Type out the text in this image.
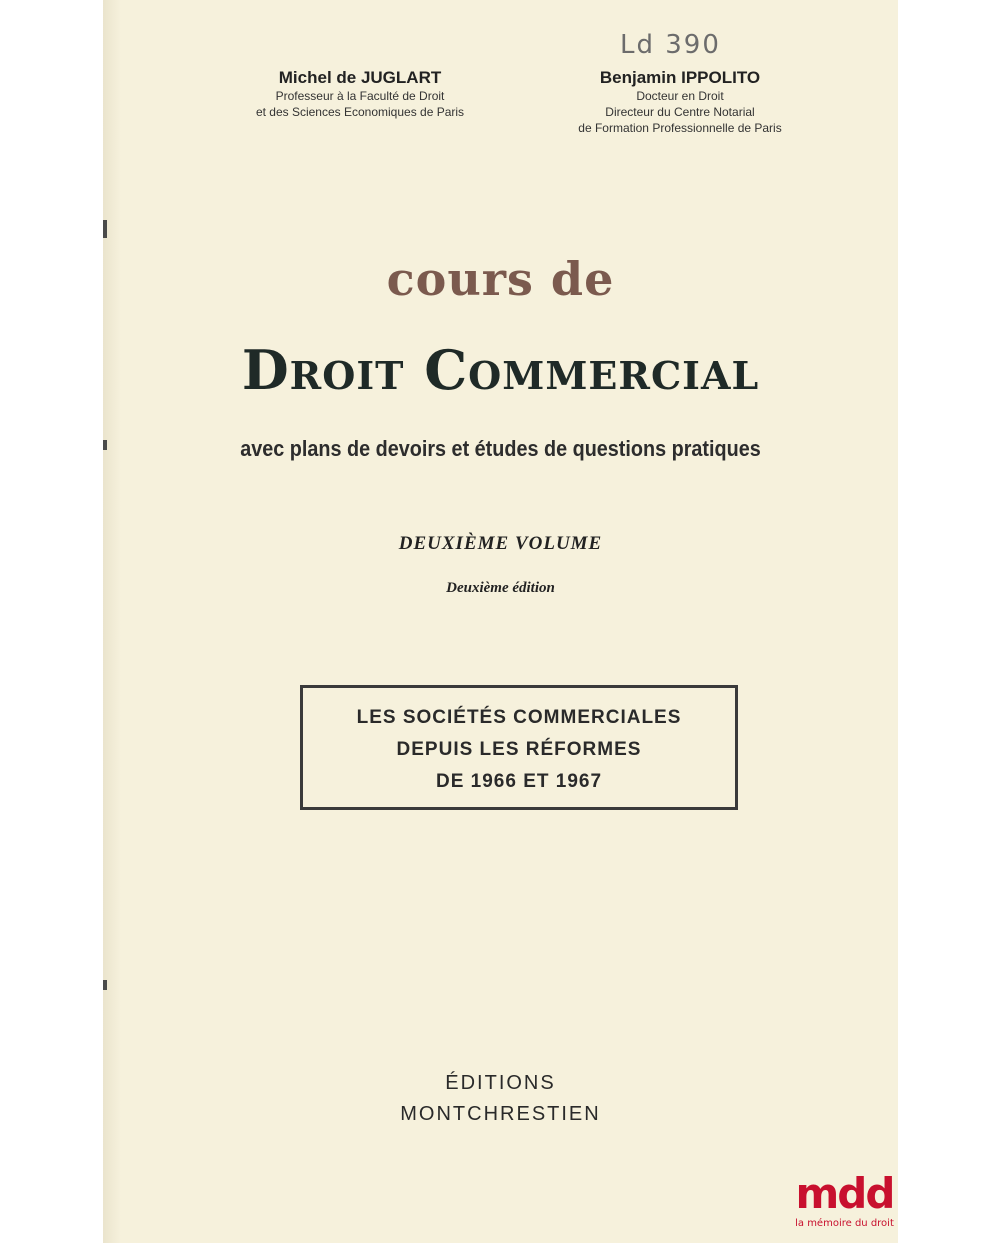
Ld 390
Michel de JUGLART
Professeur à la Faculté de Droit
et des Sciences Economiques de Paris
Benjamin IPPOLITO
Docteur en Droit
Directeur du Centre Notarial
de Formation Professionnelle de Paris
cours de
Droit Commercial
avec plans de devoirs et études de questions pratiques
DEUXIÈME VOLUME
Deuxième édition
LES SOCIÉTÉS COMMERCIALES
DEPUIS LES RÉFORMES
DE 1966 ET 1967
ÉDITIONS
MONTCHRESTIEN
mdd
la mémoire du droit
